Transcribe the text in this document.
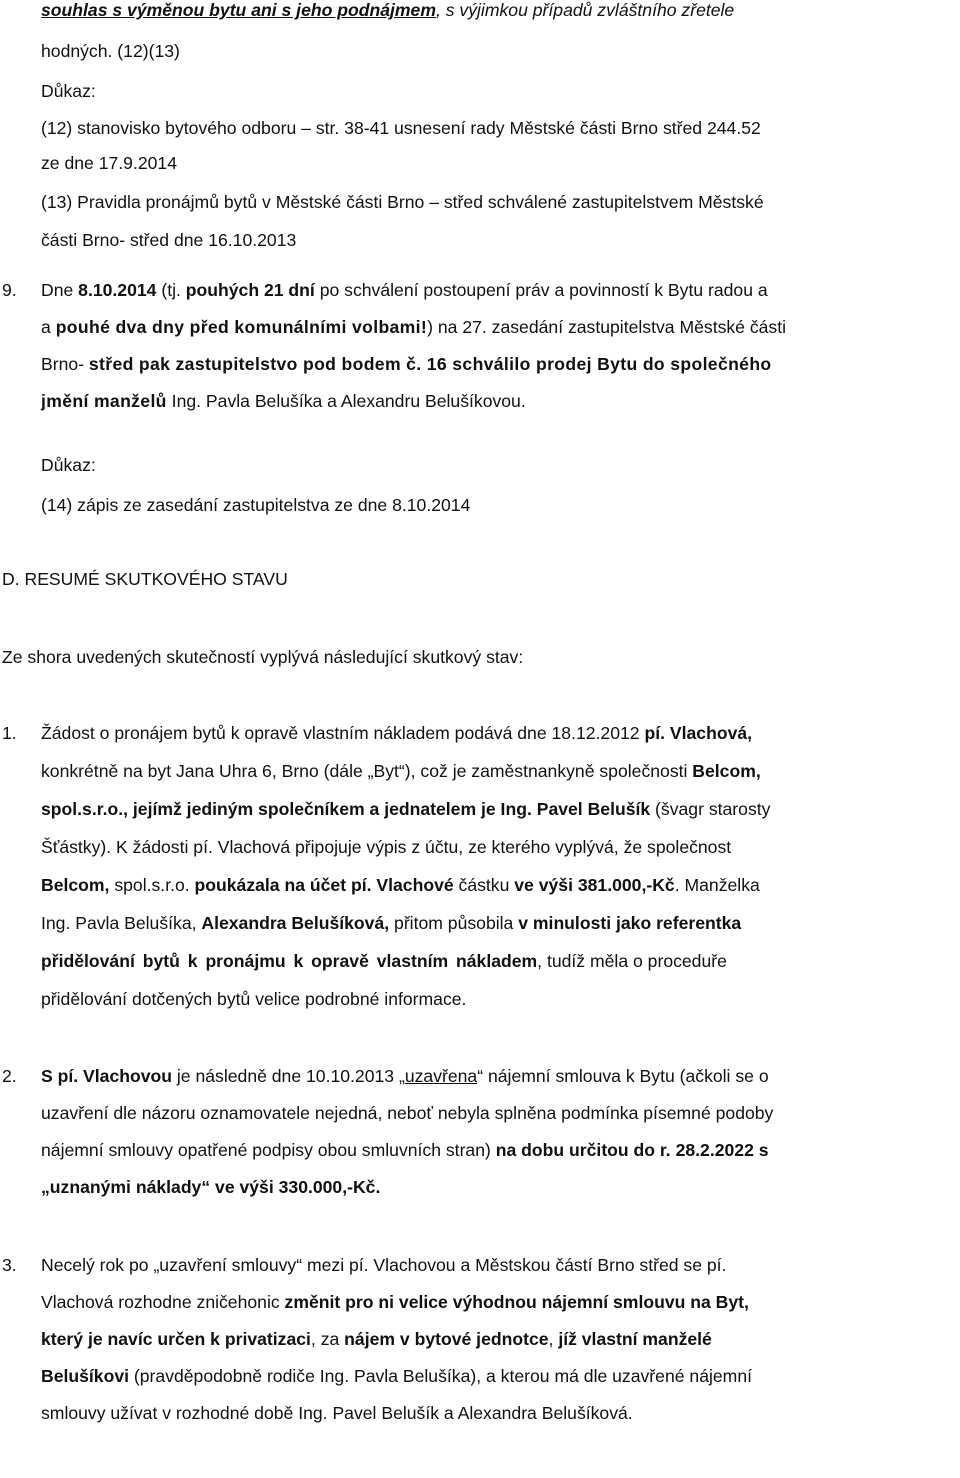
souhlas s výměnou bytu ani s jeho podnájmem, s výjimkou případů zvláštního zřetele
hodných. (12)(13)
Důkaz:
(12) stanovisko bytového odboru – str. 38-41 usnesení rady Městské části Brno střed 244.52
ze dne 17.9.2014
(13) Pravidla pronájmů bytů v Městské části Brno – střed schválené zastupitelstvem Městské
části Brno- střed dne 16.10.2013
9. Dne 8.10.2014 (tj. pouhých 21 dní po schválení postoupení práv a povinností k Bytu radou a
a pouhé dva dny před komunálními volbami!) na 27. zasedání zastupitelstva Městské části
Brno- střed pak zastupitelstvo pod bodem č. 16 schválilo prodej Bytu do společného
jmění manželů Ing. Pavla Belušíka a Alexandru Belušíkovou.
Důkaz:
(14) zápis ze zasedání zastupitelstva ze dne 8.10.2014
D. RESUMÉ SKUTKOVÉHO STAVU
Ze shora uvedených skutečností vyplývá následující skutkový stav:
1. Žádost o pronájem bytů k opravě vlastním nákladem podává dne 18.12.2012 pí. Vlachová,
konkrétně na byt Jana Uhra 6, Brno (dále „Byt“), což je zaměstnankyně společnosti Belcom,
spol.s.r.o., jejímž jediným společníkem a jednatelem je Ing. Pavel Belušík (švagr starosty
Šťástky). K žádosti pí. Vlachová připojuje výpis z účtu, ze kterého vyplývá, že společnost
Belcom, spol.s.r.o. poukázala na účet pí. Vlachové částku ve výši 381.000,-Kč. Manželka
Ing. Pavla Belušíka, Alexandra Belušíková, přitom působila v minulosti jako referentka
přidělování bytů k pronájmu k opravě vlastním nákladem, tudíž měla o proceduře
přidělování dotčených bytů velice podrobné informace.
2. S pí. Vlachovou je následně dne 10.10.2013 „uzavřena“ nájemní smlouva k Bytu (ačkoli se o
uzavření dle názoru oznamovatele nejedná, neboť nebyla splněna podmínka písemné podoby
nájemní smlouvy opatřené podpisy obou smluvních stran) na dobu určitou do r. 28.2.2022 s
„uznanými náklady“ ve výši 330.000,-Kč.
3. Necelý rok po „uzavření smlouvy“ mezi pí. Vlachovou a Městskou částí Brno střed se pí.
Vlachová rozhodne zničehonic změnit pro ni velice výhodnou nájemní smlouvu na Byt,
který je navíc určen k privatizaci, za nájem v bytové jednotce, jíž vlastní manželé
Belušíkovi (pravděpodobně rodiče Ing. Pavla Belušíka), a kterou má dle uzavřené nájemní
smlouvy užívat v rozhodné době Ing. Pavel Belušík a Alexandra Belušíková.
